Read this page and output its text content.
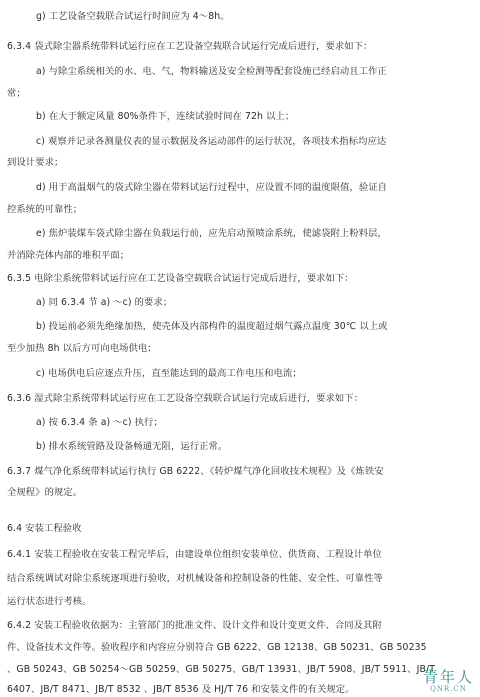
g) 工艺设备空载联合试运行时间应为 4～8h。
6.3.4 袋式除尘器系统带料试运行应在工艺设备空载联合试运行完成后进行，要求如下：
a) 与除尘系统相关的水、电、气，物料输送及安全检测等配套设施已经启动且工作正
常；
b) 在大于额定风量 80%条件下，连续试验时间在 72h 以上；
c) 观察并记录各测量仪表的显示数据及各运动部件的运行状况，各项技术指标均应达
到设计要求；
d) 用于高温烟气的袋式除尘器在带料试运行过程中，应设置不同的温度限值，验证自
控系统的可靠性；
e) 焦炉装煤车袋式除尘器在负载运行前，应先启动预喷涂系统，使滤袋附上粉料层，
并消除壳体内部的堆积平面；
6.3.5 电除尘系统带料试运行应在工艺设备空载联合试运行完成后进行，要求如下：
a) 同 6.3.4 节 a) ～c) 的要求；
b) 投运前必须先绝缘加热，使壳体及内部构件的温度超过烟气露点温度 30℃ 以上或
至少加热 8h 以后方可向电场供电；
c) 电场供电后应逐点升压，直至能达到的最高工作电压和电流；
6.3.6 湿式除尘系统带料试运行应在工艺设备空载联合试运行完成后进行，要求如下：
a) 按 6.3.4 条 a) ～c) 执行；
b) 排水系统管路及设备畅通无阻，运行正常。
6.3.7 煤气净化系统带料试运行执行 GB 6222、《转炉煤气净化回收技术规程》及《炼铁安
全规程》的规定。
6.4 安装工程验收
6.4.1 安装工程验收在安装工程完毕后，由建设单位组织安装单位、供货商、工程设计单位
结合系统调试对除尘系统逐项进行验收，对机械设备和控制设备的性能、安全性、可靠性等
运行状态进行考核。
6.4.2 安装工程验收依据为：主管部门的批准文件、设计文件和设计变更文件、合同及其附
件、设备技术文件等。验收程序和内容应分别符合 GB 6222、GB 12138、GB 50231、GB 50235
、GB 50243、GB 50254～GB 50259、GB 50275、GB/T 13931、JB/T 5908、JB/T 5911、JB/T
6407、JB/T 8471、JB/T 8532 、JB/T 8536 及 HJ/T 76 和安装文件的有关规定。
青年人
QNR.CN
